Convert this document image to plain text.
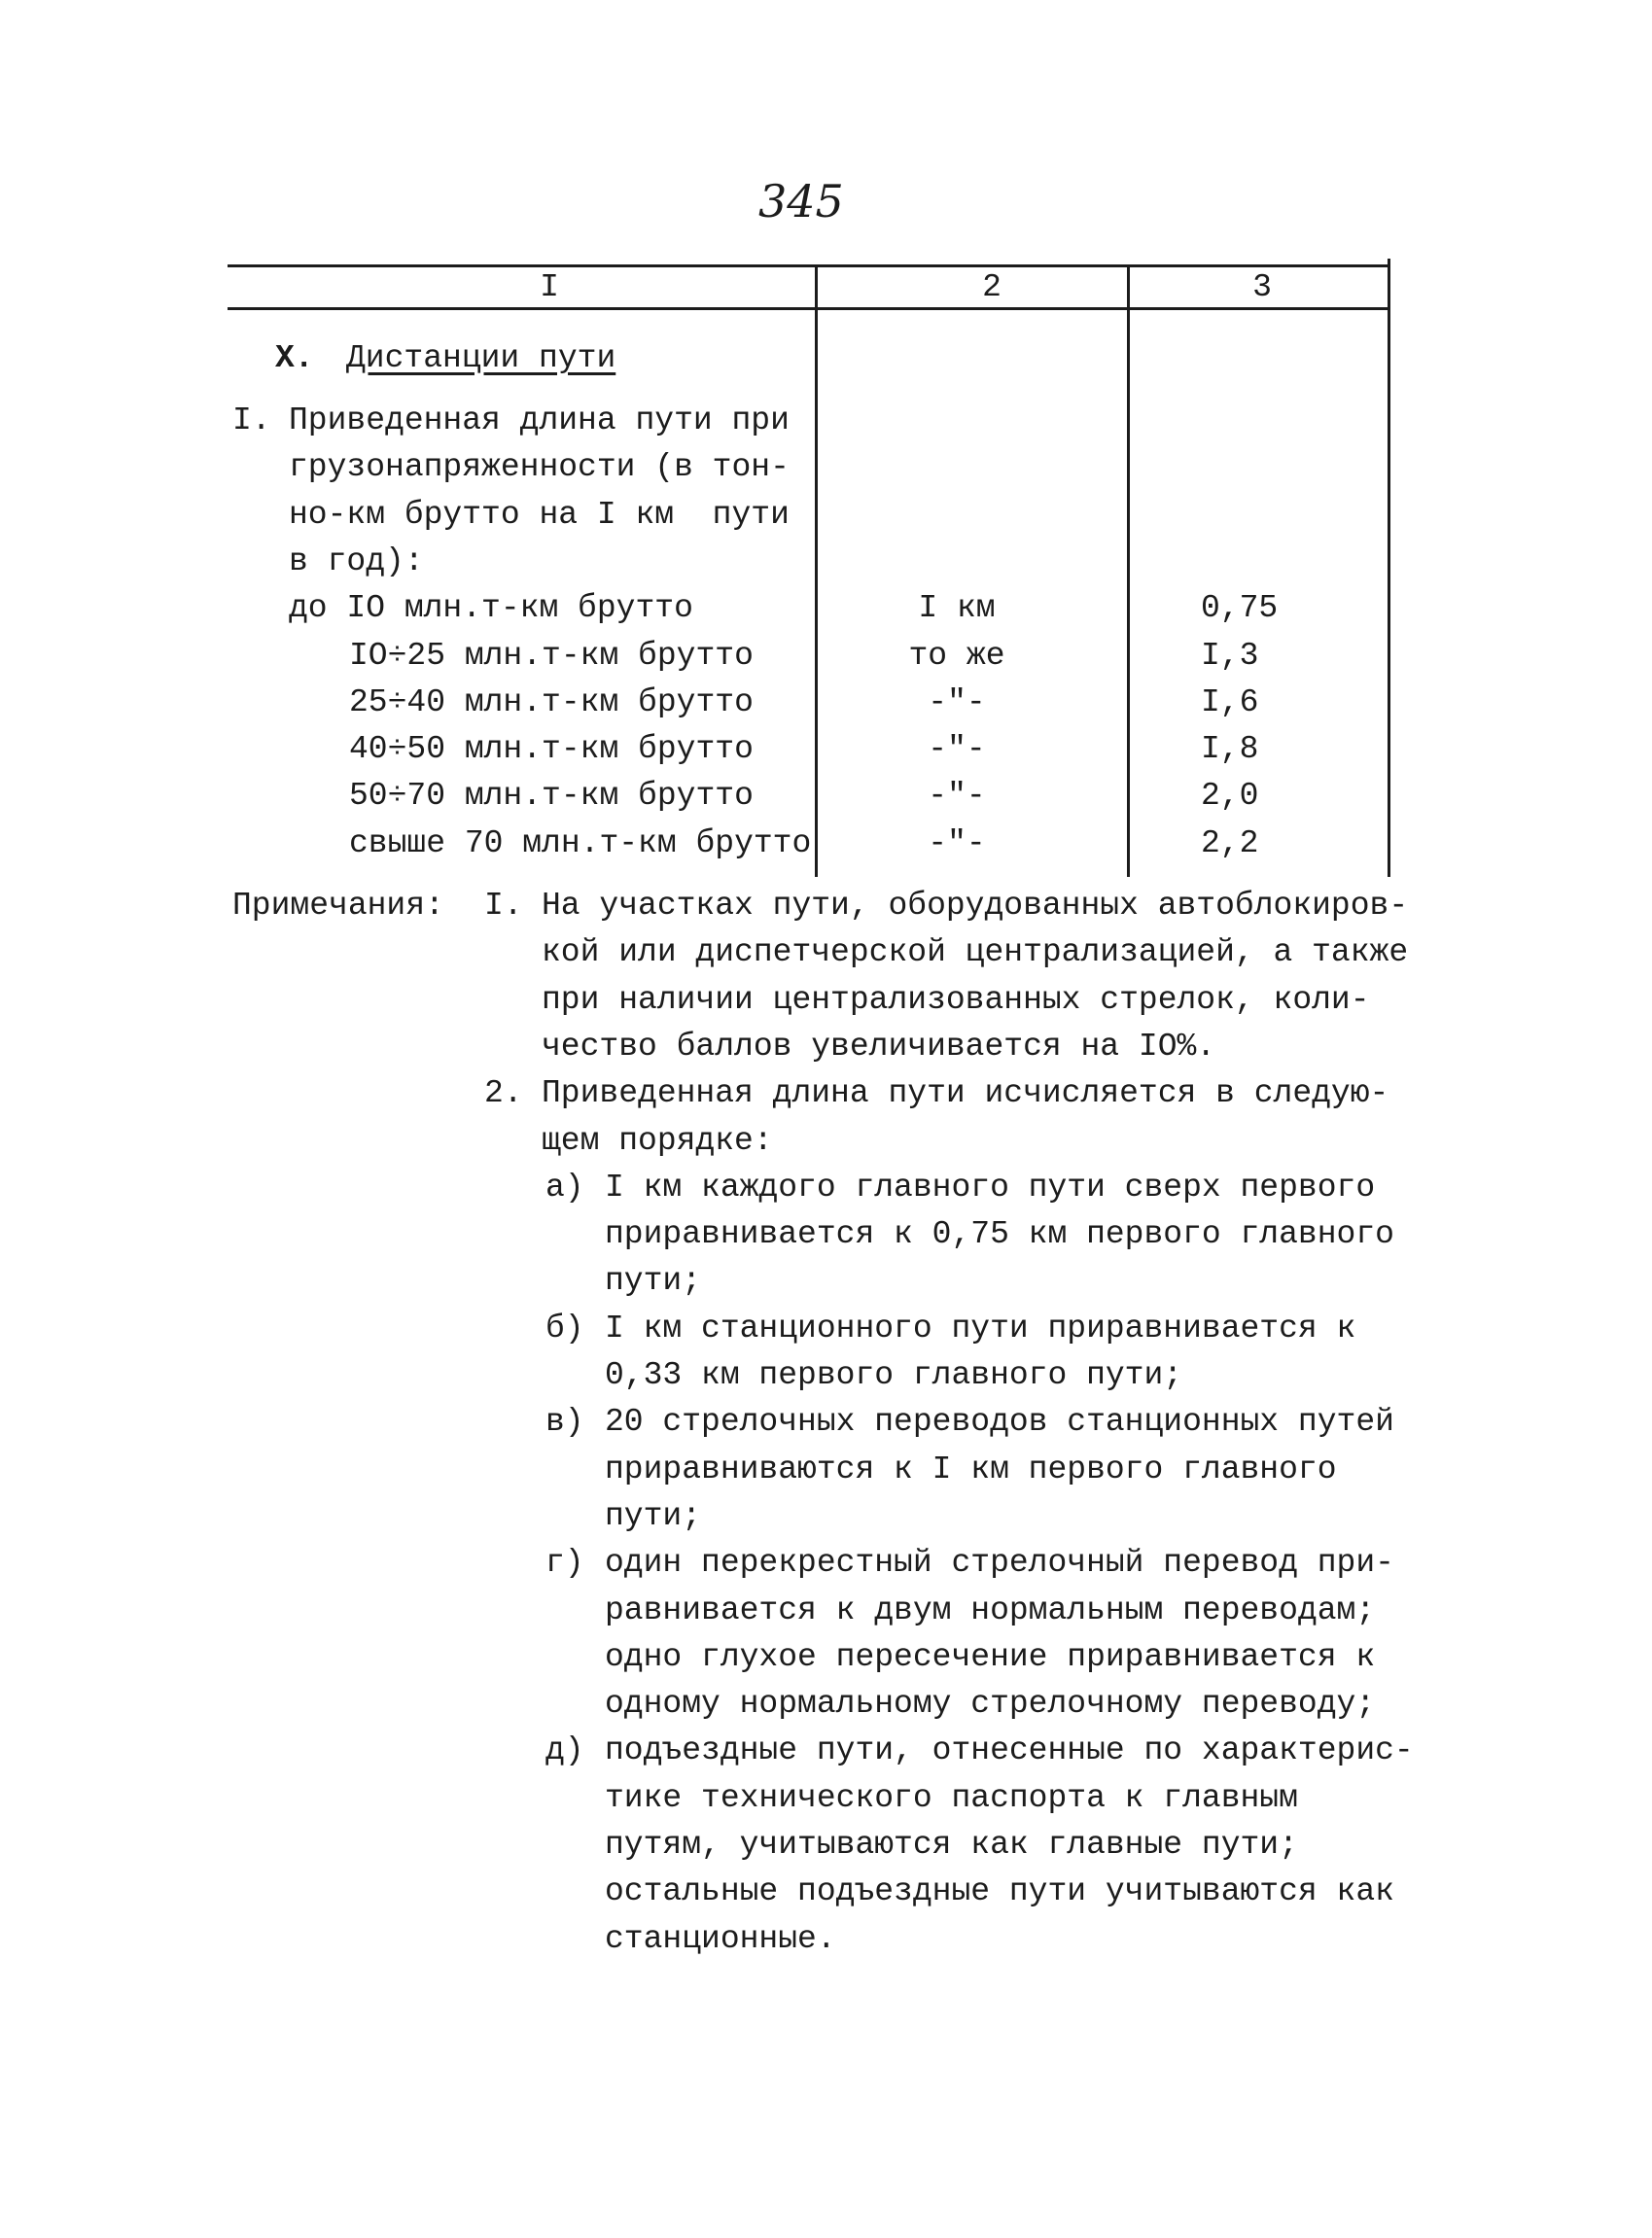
345
I	2	3
X. Дистанции пути
I. Приведенная длина пути при
грузонапряженности (в тон-
но-км брутто на I км  пути
в год):
до IO млн.т-км брутто	I км	0,75
IO÷25 млн.т-км брутто	то же	I,3
25÷40 млн.т-км брутто	-"-	I,6
40÷50 млн.т-км брутто	-"-	I,8
50÷70 млн.т-км брутто	-"-	2,0
свыше 70 млн.т-км брутто	-"-	2,2
Примечания: I. На участках пути, оборудованных автоблокиров-
кой или диспетчерской централизацией, а также
при наличии централизованных стрелок, коли-
чество баллов увеличивается на IO%.
2. Приведенная длина пути исчисляется в следую-
щем порядке:
а) I км каждого главного пути сверх первого
приравнивается к 0,75 км первого главного
пути;
б) I км станционного пути приравнивается к
0,33 км первого главного пути;
в) 20 стрелочных переводов станционных путей
приравниваются к I км первого главного
пути;
г) один перекрестный стрелочный перевод при-
равнивается к двум нормальным переводам;
одно глухое пересечение приравнивается к
одному нормальному стрелочному переводу;
д) подъездные пути, отнесенные по характерис-
тике технического паспорта к главным
путям, учитываются как главные пути;
остальные подъездные пути учитываются как
станционные.
